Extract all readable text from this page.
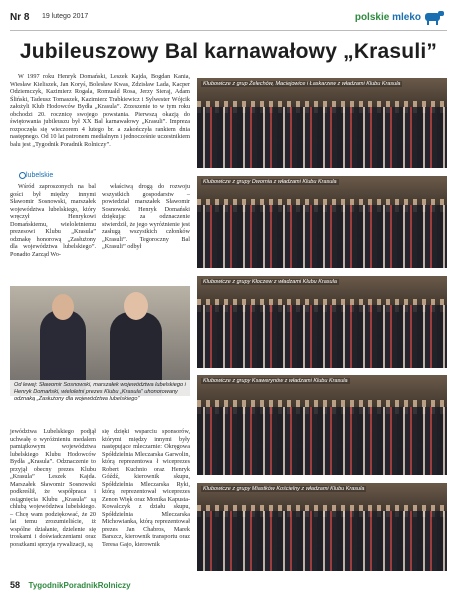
Nr 8 19 lutego 2017	polskie mleko
Jubileuszowy Bal karnawałowy „Krasuli”

W 1997 roku Henryk Domański, Leszek Kajda, Bogdan Kania, Wiesław Kieliszek, Jan Koryś, Bolesław Kwas, Zdzisław Lada, Kacper Odziemczyk, Kazimierz Rogala, Romuald Rosa, Jerzy Sieraj, Adam Śliński, Tadeusz Tomaszek, Kazimierz Trabkiewicz i Sylwester Wójcik założyli Klub Hodowców Bydła „Krasula”. Zrzeszenie to w tym roku obchodzi 20. rocznicę swojego powstania. Pierwszą okazją do świętowania jubileuszu był XX Bal karnawałowy „Krasuli”. Impreza rozpoczęła się wieczorem 4 lutego br. a zakończyła rankiem dnia następnego. Od 10 lat patronem medialnym i jednocześnie uczestnikiem balu jest „Tygodnik Poradnik Rolniczy”.

lubelskie

Wśród zaproszonych na bal gości był między innymi Sławomir Sosnowski, marszałek województwa lubelskiego, który wręczył Henrykowi Domańskiemu, wieloletniemu prezesowi Klubu „Krasula” odznakę honorową „Zasłużony dla województwa lubelskiego”. Ponadto Zarząd Wo-

właściwą drogą do rozwoju wszystkich gospodarstw – powiedział marszałek Sławomir Sosnowski. Henryk Domański dziękując za odznaczenie stwierdził, że jego wyróżnienie jest zasługą wszystkich członków „Krasuli”. Tegoroczny Bal „Krasuli” odbył

Od lewej: Sławomir Sosnowski, marszałek województwa lubelskiego i Henryk Domański, wieloletni prezes Klubu „Krasula” uhonorowany odznaką „Zasłużony dla województwa lubelskiego”

jewództwa Lubelskiego podjął uchwałę o wyróżnieniu medalem pamiątkowym województwa lubelskiego Klubu Hodowców Bydła „Krasula”. Odznaczenie to przyjął obecny prezes Klubu „Krasula” Leszek Kajda. Marszałek Sławomir Sosnowski podkreślił, że współpraca i osiągnięcia Klubu „Krasula” są chlubą województwa lubelskiego. – Chcę wam podziękować, że 20 lat temu zrozumieliście, iż wspólne działanie, dzielenie się troskami i doświadczeniami oraz porażkami sprzyja rywalizacji, są

się dzięki wsparciu sponsorów, którymi między innymi były następujące mleczarnie: Okręgowa Spółdzielnia Mleczarska Garwolin, którą reprezentowa ł wiceprezes Robert Kuchnio oraz Henryk Góźdź, kierownik skupu, Spółdzielnia Mleczarska Ryki, którą reprezentował wiceprezes Zenon Więk oraz Monika Kapusta-Kowalczyk z działu skupu, Spółdzielnia Mleczarska Michowianka, którą reprezentował prezes Jan Chabros, Marek Barszcz, kierownik transportu oraz Teresa Gajo, kierownik

Klubowicze z grup Żelechów, Maciejowice i Łaskarzew z władzami Klubu Krasula
Klubowicze z grupy Dwornia z władzami Klubu Krasula
Klubowicze z grupy Kłoczew z władzami Klubu Krasula
Klubowicze z grupy Ksawerynów z władzami Klubu Krasula
Klubowicze z grupy Miastków Kościelny z władzami Klubu Krasula
58 TygodnikPoradnikRolniczy
